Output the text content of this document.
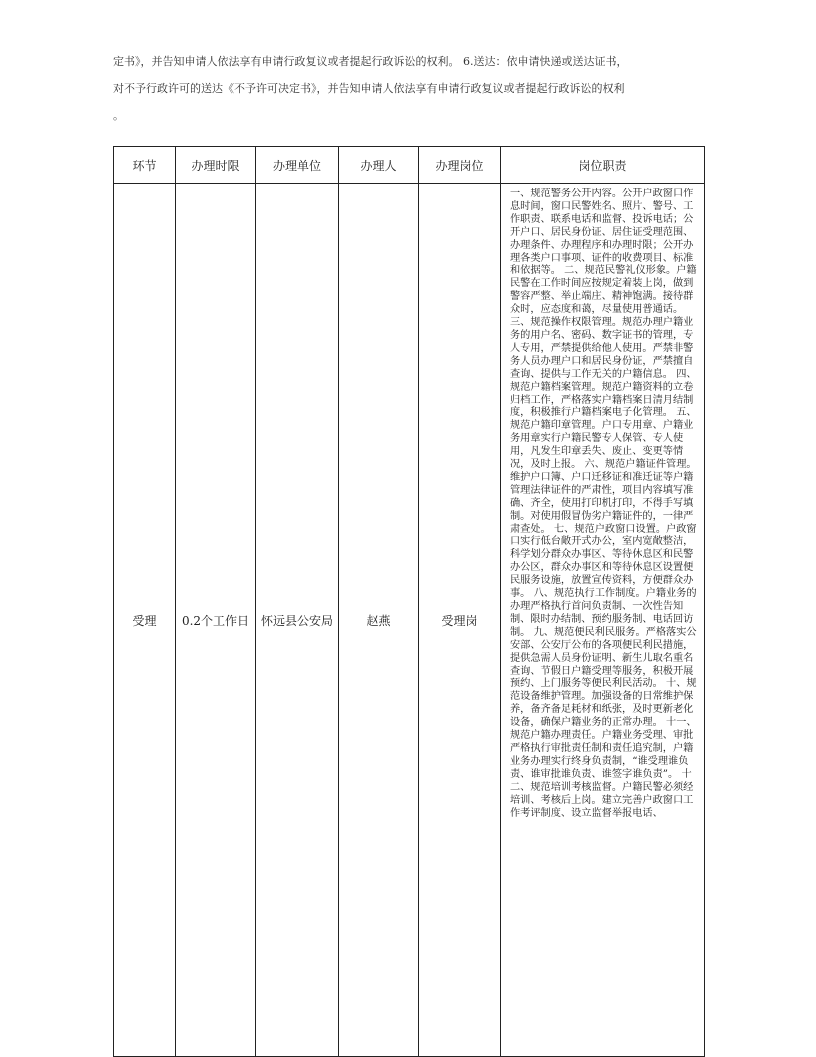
定书》，并告知申请人依法享有申请行政复议或者提起行政诉讼的权利。 6.送达：依申请快递或送达证书，

对不予行政许可的送达《不予许可决定书》，并告知申请人依法享有申请行政复议或者提起行政诉讼的权利

。

环节	办理时限	办理单位	办理人	办理岗位	岗位职责
受理	0.2个工作日	怀远县公安局	赵燕	受理岗	一、规范警务公开内容。公开户政窗口作息时间，窗口民警姓名、照片、警号、工作职责、联系电话和监督、投诉电话；公开户口、居民身份证、居住证受理范围、办理条件、办理程序和办理时限；公开办理各类户口事项、证件的收费项目、标准和依据等。 二、规范民警礼仪形象。户籍民警在工作时间应按规定着装上岗，做到警容严整、举止端庄、精神饱满。接待群众时，应态度和蔼，尽量使用普通话。 三、规范操作权限管理。规范办理户籍业务的用户名、密码、数字证书的管理，专人专用，严禁提供给他人使用。严禁非警务人员办理户口和居民身份证，严禁擅自查询、提供与工作无关的户籍信息。 四、规范户籍档案管理。规范户籍资料的立卷归档工作，严格落实户籍档案日清月结制度，积极推行户籍档案电子化管理。 五、规范户籍印章管理。户口专用章、户籍业务用章实行户籍民警专人保管、专人使用，凡发生印章丢失、废止、变更等情况，及时上报。 六、规范户籍证件管理。维护户口簿、户口迁移证和准迁证等户籍管理法律证件的严肃性，项目内容填写准确、齐全，使用打印机打印，不得手写填制。对使用假冒伪劣户籍证件的，一律严肃查处。 七、规范户政窗口设置。户政窗口实行低台敞开式办公，室内宽敞整洁，科学划分群众办事区、等待休息区和民警办公区，群众办事区和等待休息区设置便民服务设施，放置宣传资料，方便群众办事。 八、规范执行工作制度。户籍业务的办理严格执行首问负责制、一次性告知制、限时办结制、预约服务制、电话回访制。 九、规范便民利民服务。严格落实公安部、公安厅公布的各项便民利民措施，提供急需人员身份证明、新生儿取名重名查询、节假日户籍受理等服务，积极开展预约、上门服务等便民利民活动。 十、规范设备维护管理。加强设备的日常维护保养，备齐备足耗材和纸张，及时更新老化设备，确保户籍业务的正常办理。 十一、规范户籍办理责任。户籍业务受理、审批严格执行审批责任制和责任追究制，户籍业务办理实行终身负责制，“谁受理谁负责、谁审批谁负责、谁签字谁负责”。 十二、规范培训考核监督。户籍民警必须经培训、考核后上岗。建立完善户政窗口工作考评制度、设立监督举报电话、
